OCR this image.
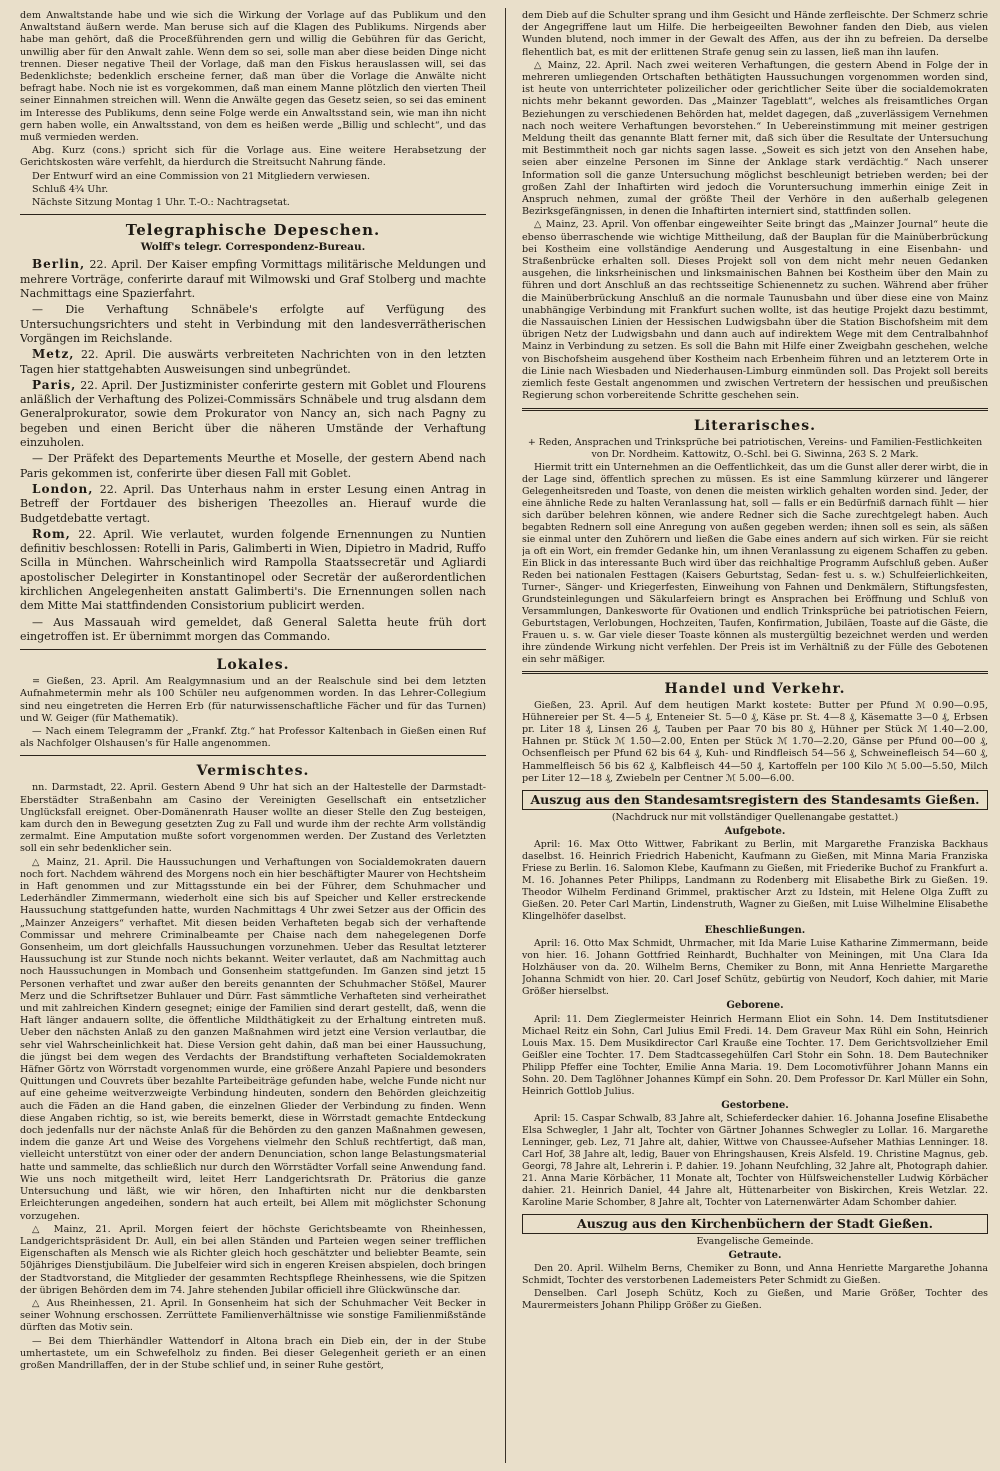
dem Anwaltstande habe und wie sich die Wirkung der Vorlage auf das Publikum und den Anwaltstand äußern werde. Man beruse sich auf die Klagen des Publikums. Nirgends aber habe man gehört, daß die Proceßführenden gern und willig die Gebühren für das Gericht, unwillig aber für den Anwalt zahle. Wenn dem so sei, solle man aber diese beiden Dinge nicht trennen. Dieser negative Theil der Vorlage, daß man den Fiskus herauslassen will, sei das Bedenklichste; bedenklich erscheine ferner, daß man über die Vorlage die Anwälte nicht befragt habe. Noch nie ist es vorgekommen, daß man einem Manne plötzlich den vierten Theil seiner Einnahmen streichen will. Wenn die Anwälte gegen das Gesetz seien, so sei das eminent im Interesse des Publikums, denn seine Folge werde ein Anwaltsstand sein, wie man ihn nicht gern haben wolle, ein Anwaltsstand, von dem es heißen werde „Billig und schlecht“, und das muß vermieden werden.

Abg. Kurz (cons.) spricht sich für die Vorlage aus. Eine weitere Herabsetzung der Gerichtskosten wäre verfehlt, da hierdurch die Streitsucht Nahrung fände.

Der Entwurf wird an eine Commission von 21 Mitgliedern verwiesen.

Schluß 4¾ Uhr.

Nächste Sitzung Montag 1 Uhr. T.-O.: Nachtragsetat.

Telegraphische Depeschen.
Wolff's telegr. Correspondenz-Bureau.

Berlin, 22. April. Der Kaiser empfing Vormittags militärische Meldungen und mehrere Vorträge, conferirte darauf mit Wilmowski und Graf Stolberg und machte Nachmittags eine Spazierfahrt.

— Die Verhaftung Schnäbele's erfolgte auf Verfügung des Untersuchungsrichters und steht in Verbindung mit den landesverrätherischen Vorgängen im Reichslande.

Metz, 22. April. Die auswärts verbreiteten Nachrichten von in den letzten Tagen hier stattgehabten Ausweisungen sind unbegründet.

Paris, 22. April. Der Justizminister conferirte gestern mit Goblet und Flourens anläßlich der Verhaftung des Polizei-Commissärs Schnäbele und trug alsdann dem Generalprokurator, sowie dem Prokurator von Nancy an, sich nach Pagny zu begeben und einen Bericht über die näheren Umstände der Verhaftung einzuholen.

— Der Präfekt des Departements Meurthe et Moselle, der gestern Abend nach Paris gekommen ist, conferirte über diesen Fall mit Goblet.

London, 22. April. Das Unterhaus nahm in erster Lesung einen Antrag in Betreff der Fortdauer des bisherigen Theezolles an. Hierauf wurde die Budgetdebatte vertagt.

Rom, 22. April. Wie verlautet, wurden folgende Ernennungen zu Nuntien definitiv beschlossen: Rotelli in Paris, Galimberti in Wien, Dipietro in Madrid, Ruffo Scilla in München. Wahrscheinlich wird Rampolla Staatssecretär und Agliardi apostolischer Delegirter in Konstantinopel oder Secretär der außerordentlichen kirchlichen Angelegenheiten anstatt Galimberti's. Die Ernennungen sollen nach dem Mitte Mai stattfindenden Consistorium publicirt werden.

— Aus Massauah wird gemeldet, daß General Saletta heute früh dort eingetroffen ist. Er übernimmt morgen das Commando.

Lokales.

= Gießen, 23. April. Am Realgymnasium und an der Realschule sind bei dem letzten Aufnahmetermin mehr als 100 Schüler neu aufgenommen worden. In das Lehrer-Collegium sind neu eingetreten die Herren Erb (für naturwissenschaftliche Fächer und für das Turnen) und W. Geiger (für Mathematik).

— Nach einem Telegramm der „Frankf. Ztg.“ hat Professor Kaltenbach in Gießen einen Ruf als Nachfolger Olshausen's für Halle angenommen.

Vermischtes.

nn. Darmstadt, 22. April. Gestern Abend 9 Uhr hat sich an der Haltestelle der Darmstadt-Eberstädter Straßenbahn am Casino der Vereinigten Gesellschaft ein entsetzlicher Unglücksfall ereignet. Ober-Domänenrath Hauser wollte an dieser Stelle den Zug besteigen, kam durch den in Bewegung gesetzten Zug zu Fall und wurde ihm der rechte Arm vollständig zermalmt. Eine Amputation mußte sofort vorgenommen werden. Der Zustand des Verletzten soll ein sehr bedenklicher sein.

△ Mainz, 21. April. Die Haussuchungen und Verhaftungen von Socialdemokraten dauern noch fort. Nachdem während des Morgens noch ein hier beschäftigter Maurer von Hechtsheim in Haft genommen und zur Mittagsstunde ein bei der Führer, dem Schuhmacher und Lederhändler Zimmermann, wiederholt eine sich bis auf Speicher und Keller erstreckende Haussuchung stattgefunden hatte, wurden Nachmittags 4 Uhr zwei Setzer aus der Officin des „Mainzer Anzeigers“ verhaftet. Mit diesen beiden Verhafteten begab sich der verhaftende Commissar und mehrere Criminalbeamte per Chaise nach dem nahegelegenen Dorfe Gonsenheim, um dort gleichfalls Haussuchungen vorzunehmen. Ueber das Resultat letzterer Haussuchung ist zur Stunde noch nichts bekannt. Weiter verlautet, daß am Nachmittag auch noch Haussuchungen in Mombach und Gonsenheim stattgefunden. Im Ganzen sind jetzt 15 Personen verhaftet und zwar außer den bereits genannten der Schuhmacher Stößel, Maurer Merz und die Schriftsetzer Buhlauer und Dürr. Fast sämmtliche Verhafteten sind verheirathet und mit zahlreichen Kindern gesegnet; einige der Familien sind derart gestellt, daß, wenn die Haft länger andauern sollte, die öffentliche Mildthätigkeit zu der Erhaltung eintreten muß. Ueber den nächsten Anlaß zu den ganzen Maßnahmen wird jetzt eine Version verlautbar, die sehr viel Wahrscheinlichkeit hat. Diese Version geht dahin, daß man bei einer Haussuchung, die jüngst bei dem wegen des Verdachts der Brandstiftung verhafteten Socialdemokraten Häfner Görtz von Wörrstadt vorgenommen wurde, eine größere Anzahl Papiere und besonders Quittungen und Couvrets über bezahlte Parteibeiträge gefunden habe, welche Funde nicht nur auf eine geheime weitverzweigte Verbindung hindeuten, sondern den Behörden gleichzeitig auch die Fäden an die Hand gaben, die einzelnen Glieder der Verbindung zu finden. Wenn diese Angaben richtig, so ist, wie bereits bemerkt, diese in Wörrstadt gemachte Entdeckung doch jedenfalls nur der nächste Anlaß für die Behörden zu den ganzen Maßnahmen gewesen, indem die ganze Art und Weise des Vorgehens vielmehr den Schluß rechtfertigt, daß man, vielleicht unterstützt von einer oder der andern Denunciation, schon lange Belastungsmaterial hatte und sammelte, das schließlich nur durch den Wörrstädter Vorfall seine Anwendung fand. Wie uns noch mitgetheilt wird, leitet Herr Landgerichtsrath Dr. Prätorius die ganze Untersuchung und läßt, wie wir hören, den Inhaftirten nicht nur die denkbarsten Erleichterungen angedeihen, sondern hat auch erteilt, bei Allem mit möglichster Schonung vorzugehen.

△ Mainz, 21. April. Morgen feiert der höchste Gerichtsbeamte von Rheinhessen, Landgerichtspräsident Dr. Aull, ein bei allen Ständen und Parteien wegen seiner trefflichen Eigenschaften als Mensch wie als Richter gleich hoch geschätzter und beliebter Beamte, sein 50jähriges Dienstjubiläum. Die Jubelfeier wird sich in engeren Kreisen abspielen, doch bringen der Stadtvorstand, die Mitglieder der gesammten Rechtspflege Rheinhessens, wie die Spitzen der übrigen Behörden dem im 74. Jahre stehenden Jubilar officiell ihre Glückwünsche dar.

△ Aus Rheinhessen, 21. April. In Gonsenheim hat sich der Schuhmacher Veit Becker in seiner Wohnung erschossen. Zerrüttete Familienverhältnisse wie sonstige Familienmißstände dürften das Motiv sein.

— Bei dem Thierhändler Wattendorf in Altona brach ein Dieb ein, der in der Stube umhertastete, um ein Schwefelholz zu finden. Bei dieser Gelegenheit gerieth er an einen großen Mandrillaffen, der in der Stube schlief und, in seiner Ruhe gestört,

dem Dieb auf die Schulter sprang und ihm Gesicht und Hände zerfleischte. Der Schmerz schrie der Angegriffene laut um Hilfe. Die herbeigeeilten Bewohner fanden den Dieb, aus vielen Wunden blutend, noch immer in der Gewalt des Affen, aus der ihn zu befreien. Da derselbe flehentlich bat, es mit der erlittenen Strafe genug sein zu lassen, ließ man ihn laufen.

△ Mainz, 22. April. Nach zwei weiteren Verhaftungen, die gestern Abend in Folge der in mehreren umliegenden Ortschaften bethätigten Haussuchungen vorgenommen worden sind, ist heute von unterrichteter polizeilicher oder gerichtlicher Seite über die socialdemokraten nichts mehr bekannt geworden. Das „Mainzer Tageblatt“, welches als freisamtliches Organ Beziehungen zu verschiedenen Behörden hat, meldet dagegen, daß „zuverlässigem Vernehmen nach noch weitere Verhaftungen bevorstehen.“ In Uebereinstimmung mit meiner gestrigen Meldung theilt das genannte Blatt ferner mit, daß sich über die Resultate der Untersuchung mit Bestimmtheit noch gar nichts sagen lasse. „Soweit es sich jetzt von den Ansehen habe, seien aber einzelne Personen im Sinne der Anklage stark verdächtig.“ Nach unserer Information soll die ganze Untersuchung möglichst beschleunigt betrieben werden; bei der großen Zahl der Inhaftirten wird jedoch die Voruntersuchung immerhin einige Zeit in Anspruch nehmen, zumal der größte Theil der Verhöre in den außerhalb gelegenen Bezirksgefängnissen, in denen die Inhaftirten interniert sind, stattfinden sollen.

△ Mainz, 23. April. Von offenbar eingeweihter Seite bringt das „Mainzer Journal“ heute die ebenso überraschende wie wichtige Mittheilung, daß der Bauplan für die Mainüberbrückung bei Kostheim eine vollständige Aenderung und Ausgestaltung in eine Eisenbahn- und Straßenbrücke erhalten soll. Dieses Projekt soll von dem nicht mehr neuen Gedanken ausgehen, die linksrheinischen und linksmainischen Bahnen bei Kostheim über den Main zu führen und dort Anschluß an das rechtsseitige Schienennetz zu suchen. Während aber früher die Mainüberbrückung Anschluß an die normale Taunusbahn und über diese eine von Mainz unabhängige Verbindung mit Frankfurt suchen wollte, ist das heutige Projekt dazu bestimmt, die Nassauischen Linien der Hessischen Ludwigsbahn über die Station Bischofsheim mit dem übrigen Netz der Ludwigsbahn und dann auch auf indirektem Wege mit dem Centralbahnhof Mainz in Verbindung zu setzen. Es soll die Bahn mit Hilfe einer Zweigbahn geschehen, welche von Bischofsheim ausgehend über Kostheim nach Erbenheim führen und an letzterem Orte in die Linie nach Wiesbaden und Niederhausen-Limburg einmünden soll. Das Projekt soll bereits ziemlich feste Gestalt angenommen und zwischen Vertretern der hessischen und preußischen Regierung schon vorbereitende Schritte geschehen sein.

Literarisches.

+ Reden, Ansprachen und Trinksprüche bei patriotischen, Vereins- und Familien-Festlichkeiten von Dr. Nordheim. Kattowitz, O.-Schl. bei G. Siwinna, 263 S. 2 Mark.

Hiermit tritt ein Unternehmen an die Oeffentlichkeit, das um die Gunst aller derer wirbt, die in der Lage sind, öffentlich sprechen zu müssen. Es ist eine Sammlung kürzerer und längerer Gelegenheitsreden und Toaste, von denen die meisten wirklich gehalten worden sind. Jeder, der eine ähnliche Rede zu halten Veranlassung hat, soll — falls er ein Bedürfniß darnach fühlt — hier sich darüber belehren können, wie andere Redner sich die Sache zurechtgelegt haben. Auch begabten Rednern soll eine Anregung von außen gegeben werden; ihnen soll es sein, als säßen sie einmal unter den Zuhörern und ließen die Gabe eines andern auf sich wirken. Für sie reicht ja oft ein Wort, ein fremder Gedanke hin, um ihnen Veranlassung zu eigenem Schaffen zu geben. Ein Blick in das interessante Buch wird über das reichhaltige Programm Aufschluß geben. Außer Reden bei nationalen Festtagen (Kaisers Geburtstag, Sedan- fest u. s. w.) Schulfeierlichkeiten, Turner-, Sänger- und Kriegerfesten, Einweihung von Fahnen und Denkmälern, Stiftungsfesten, Grundsteinlegungen und Säkularfeiern bringt es Ansprachen bei Eröffnung und Schluß von Versammlungen, Dankesworte für Ovationen und endlich Trinksprüche bei patriotischen Feiern, Geburtstagen, Verlobungen, Hochzeiten, Taufen, Konfirmation, Jubiläen, Toaste auf die Gäste, die Frauen u. s. w. Gar viele dieser Toaste können als mustergültig bezeichnet werden und werden ihre zündende Wirkung nicht verfehlen. Der Preis ist im Verhältniß zu der Fülle des Gebotenen ein sehr mäßiger.

Handel und Verkehr.

Gießen, 23. April. Auf dem heutigen Markt kostete: Butter per Pfund ℳ 0.90—0.95, Hühnereier per St. 4—5 ₰, Enteneier St. 5—0 ₰, Käse pr. St. 4—8 ₰, Käsematte 3—0 ₰, Erbsen pr. Liter 18 ₰, Linsen 26 ₰, Tauben per Paar 70 bis 80 ₰, Hühner per Stück ℳ 1.40—2.00, Hahnen pr. Stück ℳ 1.50—2.00, Enten per Stück ℳ 1.70—2.20, Gänse per Pfund 00—00 ₰, Ochsenfleisch per Pfund 62 bis 64 ₰, Kuh- und Rindfleisch 54—56 ₰, Schweinefleisch 54—60 ₰, Hammelfleisch 56 bis 62 ₰, Kalbfleisch 44—50 ₰, Kartoffeln per 100 Kilo ℳ 5.00—5.50, Milch per Liter 12—18 ₰, Zwiebeln per Centner ℳ 5.00—6.00.

Auszug aus den Standesamtsregistern des Standesamts Gießen.
(Nachdruck nur mit vollständiger Quellenangabe gestattet.)
Aufgebote.

April: 16. Max Otto Wittwer, Fabrikant zu Berlin, mit Margarethe Franziska Backhaus daselbst. 16. Heinrich Friedrich Habenicht, Kaufmann zu Gießen, mit Minna Maria Franziska Friese zu Berlin. 16. Salomon Klebe, Kaufmann zu Gießen, mit Friederike Buchof zu Frankfurt a. M. 16. Johannes Peter Philipps, Landmann zu Rodenberg mit Elisabethe Birk zu Gießen. 19. Theodor Wilhelm Ferdinand Grimmel, praktischer Arzt zu Idstein, mit Helene Olga Zufft zu Gießen. 20. Peter Carl Martin, Lindenstruth, Wagner zu Gießen, mit Luise Wilhelmine Elisabethe Klingelhöfer daselbst.

Eheschließungen.

April: 16. Otto Max Schmidt, Uhrmacher, mit Ida Marie Luise Katharine Zimmermann, beide von hier. 16. Johann Gottfried Reinhardt, Buchhalter von Meiningen, mit Una Clara Ida Holzhäuser von da. 20. Wilhelm Berns, Chemiker zu Bonn, mit Anna Henriette Margarethe Johanna Schmidt von hier. 20. Carl Josef Schütz, gebürtig von Neudorf, Koch dahier, mit Marie Größer hierselbst.

Geborene.

April: 11. Dem Zieglermeister Heinrich Hermann Eliot ein Sohn. 14. Dem Institutsdiener Michael Reitz ein Sohn, Carl Julius Emil Fredi. 14. Dem Graveur Max Rühl ein Sohn, Heinrich Louis Max. 15. Dem Musikdirector Carl Krauße eine Tochter. 17. Dem Gerichtsvollzieher Emil Geißler eine Tochter. 17. Dem Stadtcassegehülfen Carl Stohr ein Sohn. 18. Dem Bautechniker Philipp Pfeffer eine Tochter, Emilie Anna Maria. 19. Dem Locomotivführer Johann Manns ein Sohn. 20. Dem Taglöhner Johannes Kümpf ein Sohn. 20. Dem Professor Dr. Karl Müller ein Sohn, Heinrich Gottlob Julius.

Gestorbene.

April: 15. Caspar Schwalb, 83 Jahre alt, Schieferdecker dahier. 16. Johanna Josefine Elisabethe Elsa Schwegler, 1 Jahr alt, Tochter von Gärtner Johannes Schwegler zu Lollar. 16. Margarethe Lenninger, geb. Lez, 71 Jahre alt, dahier, Wittwe von Chaussee-Aufseher Mathias Lenninger. 18. Carl Hof, 38 Jahre alt, ledig, Bauer von Ehringshausen, Kreis Alsfeld. 19. Christine Magnus, geb. Georgi, 78 Jahre alt, Lehrerin i. P. dahier. 19. Johann Neufchling, 32 Jahre alt, Photograph dahier. 21. Anna Marie Körbächer, 11 Monate alt, Tochter von Hülfsweichensteller Ludwig Körbächer dahier. 21. Heinrich Daniel, 44 Jahre alt, Hüttenarbeiter von Biskirchen, Kreis Wetzlar. 22. Karoline Marie Schomber, 8 Jahre alt, Tochter von Laternenwärter Adam Schomber dahier.

Auszug aus den Kirchenbüchern der Stadt Gießen.
Evangelische Gemeinde.
Getraute.

Den 20. April. Wilhelm Berns, Chemiker zu Bonn, und Anna Henriette Margarethe Johanna Schmidt, Tochter des verstorbenen Lademeisters Peter Schmidt zu Gießen.

Denselben. Carl Joseph Schütz, Koch zu Gießen, und Marie Größer, Tochter des Maurermeisters Johann Philipp Größer zu Gießen.
